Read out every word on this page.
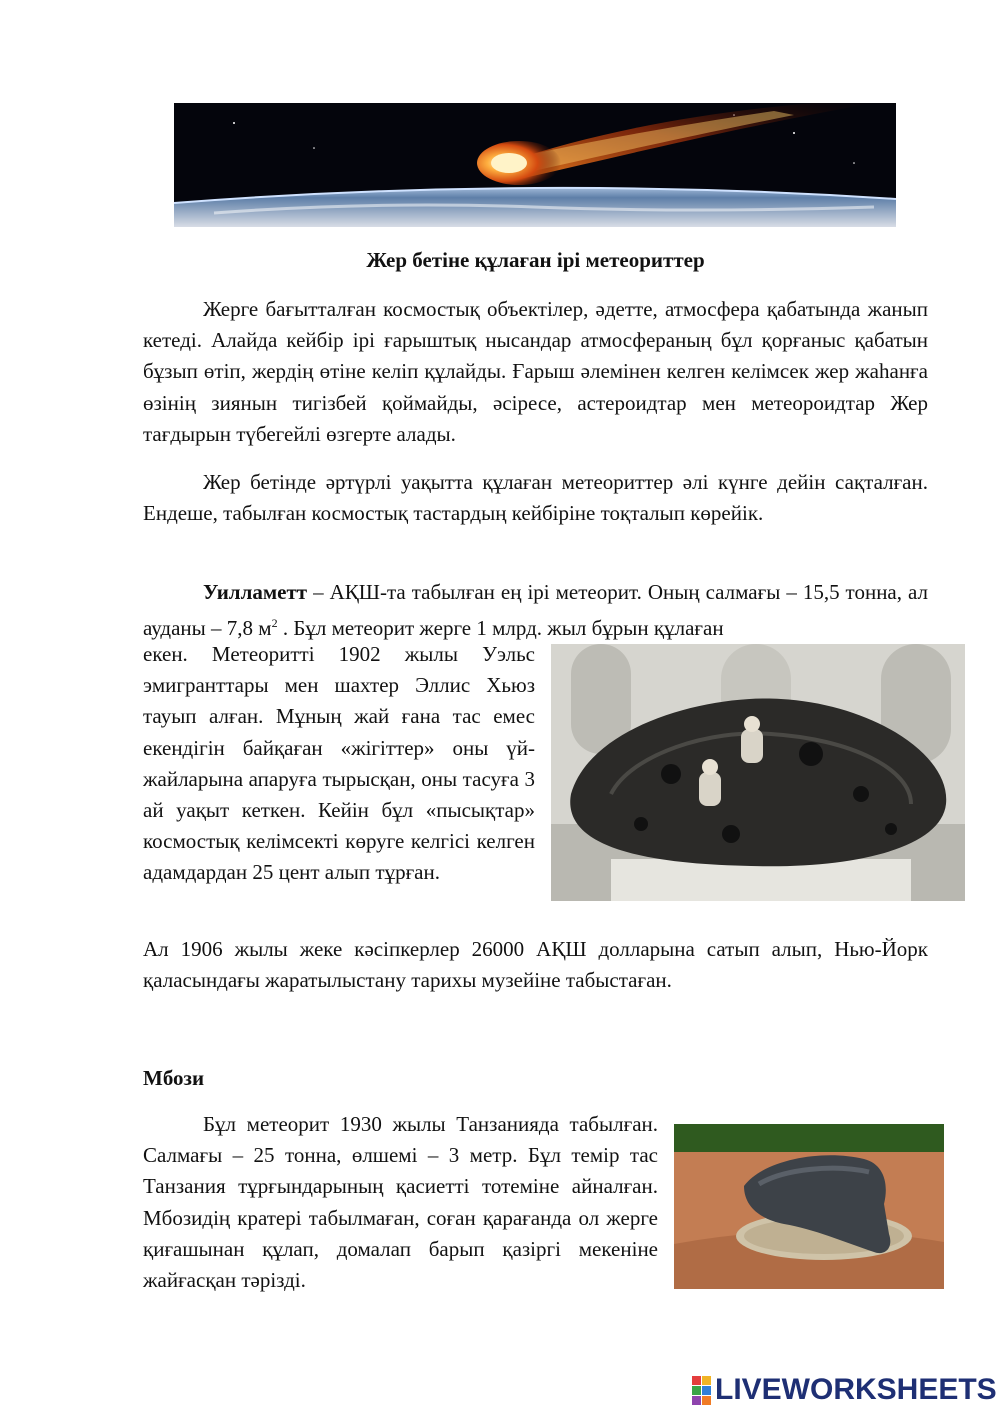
Жер бетіне құлаған ірі метеориттер

Жерге бағытталған космостық объектілер, әдетте, атмосфера қабатында жанып кетеді. Алайда кейбір ірі ғарыштық нысандар атмосфераның бұл қорғаныс қабатын бұзып өтіп, жердің өтіне келіп құлайды. Ғарыш әлемінен келген келімсек жер жаһанға өзінің зиянын тигізбей қоймайды, әсіресе, астероидтар мен метеороидтар Жер тағдырын түбегейлі өзгерте алады.

Жер бетінде әртүрлі уақытта құлаған метеориттер әлі күнге дейін сақталған. Ендеше, табылған космостық тастардың кейбіріне тоқталып көрейік.

Уилламетт – АҚШ-та табылған ең ірі метеорит. Оның салмағы – 15,5 тонна, ал ауданы – 7,8 $м^2$ . Бұл метеорит жерге 1 млрд. жыл бұрын құлаған

екен. Метеоритті 1902 жылы Уэльс эмигранттары мен шахтер Эллис Хьюз тауып алған. Мұның жай ғана тас емес екендігін байқаған «жігіттер» оны үй-жайларына апаруға тырысқан, оны тасуға 3 ай уақыт кеткен. Кейін бұл «пысықтар» космостық келімсекті көруге келгісі келген адамдардан 25 цент алып тұрған.

Ал 1906 жылы жеке кәсіпкерлер 26000 АҚШ долларына сатып алып, Нью-Йорк қаласындағы жаратылыстану тарихы музейіне табыстаған.

Мбози

Бұл метеорит 1930 жылы Танзанияда табылған. Салмағы – 25 тонна, өлшемі – 3 метр. Бұл темір тас Танзания тұрғындарының қасиетті тотеміне айналған. Мбозидің кратері табылмаған, соған қарағанда ол жерге қиғашынан құлап, домалап барып қазіргі мекеніне жайғасқан тәрізді.

LIVEWORKSHEETS
